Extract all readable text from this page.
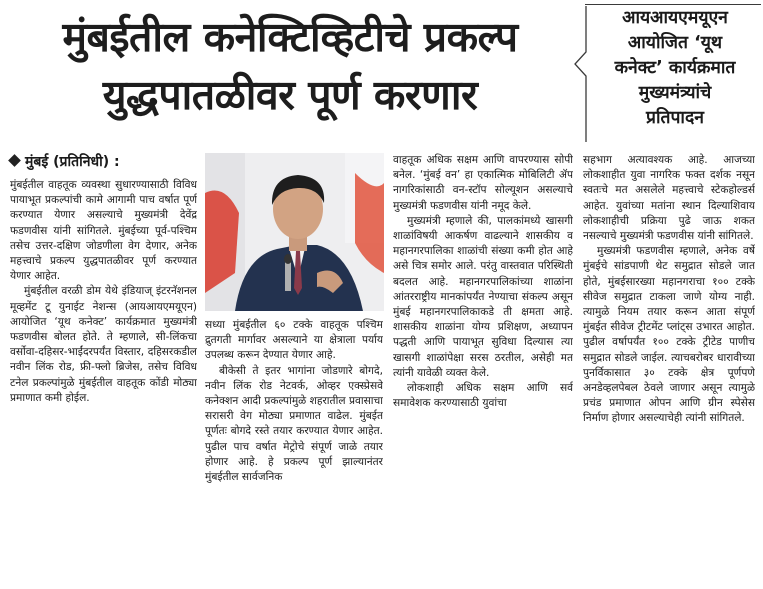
मुंबईतील कनेक्टिव्हिटीचे प्रकल्प
युद्धपातळीवर पूर्ण करणार
आयआयएमयूएन
आयोजित ‘यूथ
कनेक्ट’ कार्यक्रमात
मुख्यमंत्र्यांचे
प्रतिपादन
मुंबई (प्रतिनिधी) :

मुंबईतील वाहतूक व्यवस्था सुधारण्यासाठी विविध पायाभूत प्रकल्पांची कामे आगामी पाच वर्षात पूर्ण करण्यात येणार असल्याचे मुख्यमंत्री देवेंद्र फडणवीस यांनी सांगितले. मुंबईच्या पूर्व-पश्चिम तसेच उत्तर-दक्षिण जोडणीला वेग देणार, अनेक महत्त्वाचे प्रकल्प युद्धपातळीवर पूर्ण करण्यात येणार आहेत.

मुंबईतील वरळी डोम येथे इंडियाज् इंटरनॅशनल मूव्हमेंट टू युनाईट नेशन्स (आयआयएमयूएन) आयोजित ‘यूथ कनेक्ट’ कार्यक्रमात मुख्यमंत्री फडणवीस बोलत होते. ते म्हणाले, सी-लिंकचा वर्सोवा-दहिसर-भाईंदरपर्यंत विस्तार, दहिसरकडील नवीन लिंक रोड, फ्री-फ्लो ब्रिजेस, तसेच विविध टनेल प्रकल्पांमुळे मुंबईतील वाहतूक कोंडी मोठ्या प्रमाणात कमी होईल.

सध्या मुंबईतील ६० टक्के वाहतूक पश्चिम द्रुतगती मार्गावर असल्याने या क्षेत्राला पर्याय उपलब्ध करून देण्यात येणार आहे.

बीकेसी ते इतर भागांना जोडणारे बोगदे, नवीन लिंक रोड नेटवर्क, ओव्हर एक्स्प्रेसवे कनेक्शन आदी प्रकल्पांमुळे शहरातील प्रवासाचा सरासरी वेग मोठ्या प्रमाणात वाढेल. मुंबईत पूर्णतः बोगदे रस्ते तयार करण्यात येणार आहेत. पुढील पाच वर्षात मेट्रोचे संपूर्ण जाळे तयार होणार आहे. हे प्रकल्प पूर्ण झाल्यानंतर मुंबईतील सार्वजनिक

वाहतूक अधिक सक्षम आणि वापरण्यास सोपी बनेल. ‘मुंबई वन’ हा एकात्मिक मोबिलिटी ॲप नागरिकांसाठी वन-स्टॉप सोल्यूशन असल्याचे मुख्यमंत्री फडणवीस यांनी नमूद केले.

मुख्यमंत्री म्हणाले की, पालकांमध्ये खासगी शाळांविषयी आकर्षण वाढल्याने शासकीय व महानगरपालिका शाळांची संख्या कमी होत आहे असे चित्र समोर आले. परंतु वास्तवात परिस्थिती बदलत आहे. महानगरपालिकांच्या शाळांना आंतरराष्ट्रीय मानकांपर्यंत नेण्याचा संकल्प असून मुंबई महानगरपालिकाकडे ती क्षमता आहे. शासकीय शाळांना योग्य प्रशिक्षण, अध्यापन पद्धती आणि पायाभूत सुविधा दिल्यास त्या खासगी शाळांपेक्षा सरस ठरतील, असेही मत त्यांनी यावेळी व्यक्त केले.

लोकशाही अधिक सक्षम आणि सर्व समावेशक करण्यासाठी युवांचा

सहभाग अत्यावश्यक आहे. आजच्या लोकशाहीत युवा नागरिक फक्त दर्शक नसून स्वतःचे मत असलेले महत्त्वाचे स्टेकहोल्डर्स आहेत. युवांच्या मतांना स्थान दिल्याशिवाय लोकशाहीची प्रक्रिया पुढे जाऊ शकत नसल्याचे मुख्यमंत्री फडणवीस यांनी सांगितले.

मुख्यमंत्री फडणवीस म्हणाले, अनेक वर्षे मुंबईचे सांडपाणी थेट समुद्रात सोडले जात होते, मुंबईसारख्या महानगराचा १०० टक्के सीवेज समुद्रात टाकला जाणे योग्य नाही. त्यामुळे नियम तयार करून आता संपूर्ण मुंबईत सीवेज ट्रीटमेंट प्लांट्स उभारत आहोत. पुढील वर्षापर्यंत १०० टक्के ट्रीटेड पाणीच समुद्रात सोडले जाईल. त्याचबरोबर धारावीच्या पुनर्विकासात ३० टक्के क्षेत्र पूर्णपणे अनडेव्हलपेबल ठेवले जाणार असून त्यामुळे प्रचंड प्रमाणात ओपन आणि ग्रीन स्पेसेस निर्माण होणार असल्याचेही त्यांनी सांगितले.
